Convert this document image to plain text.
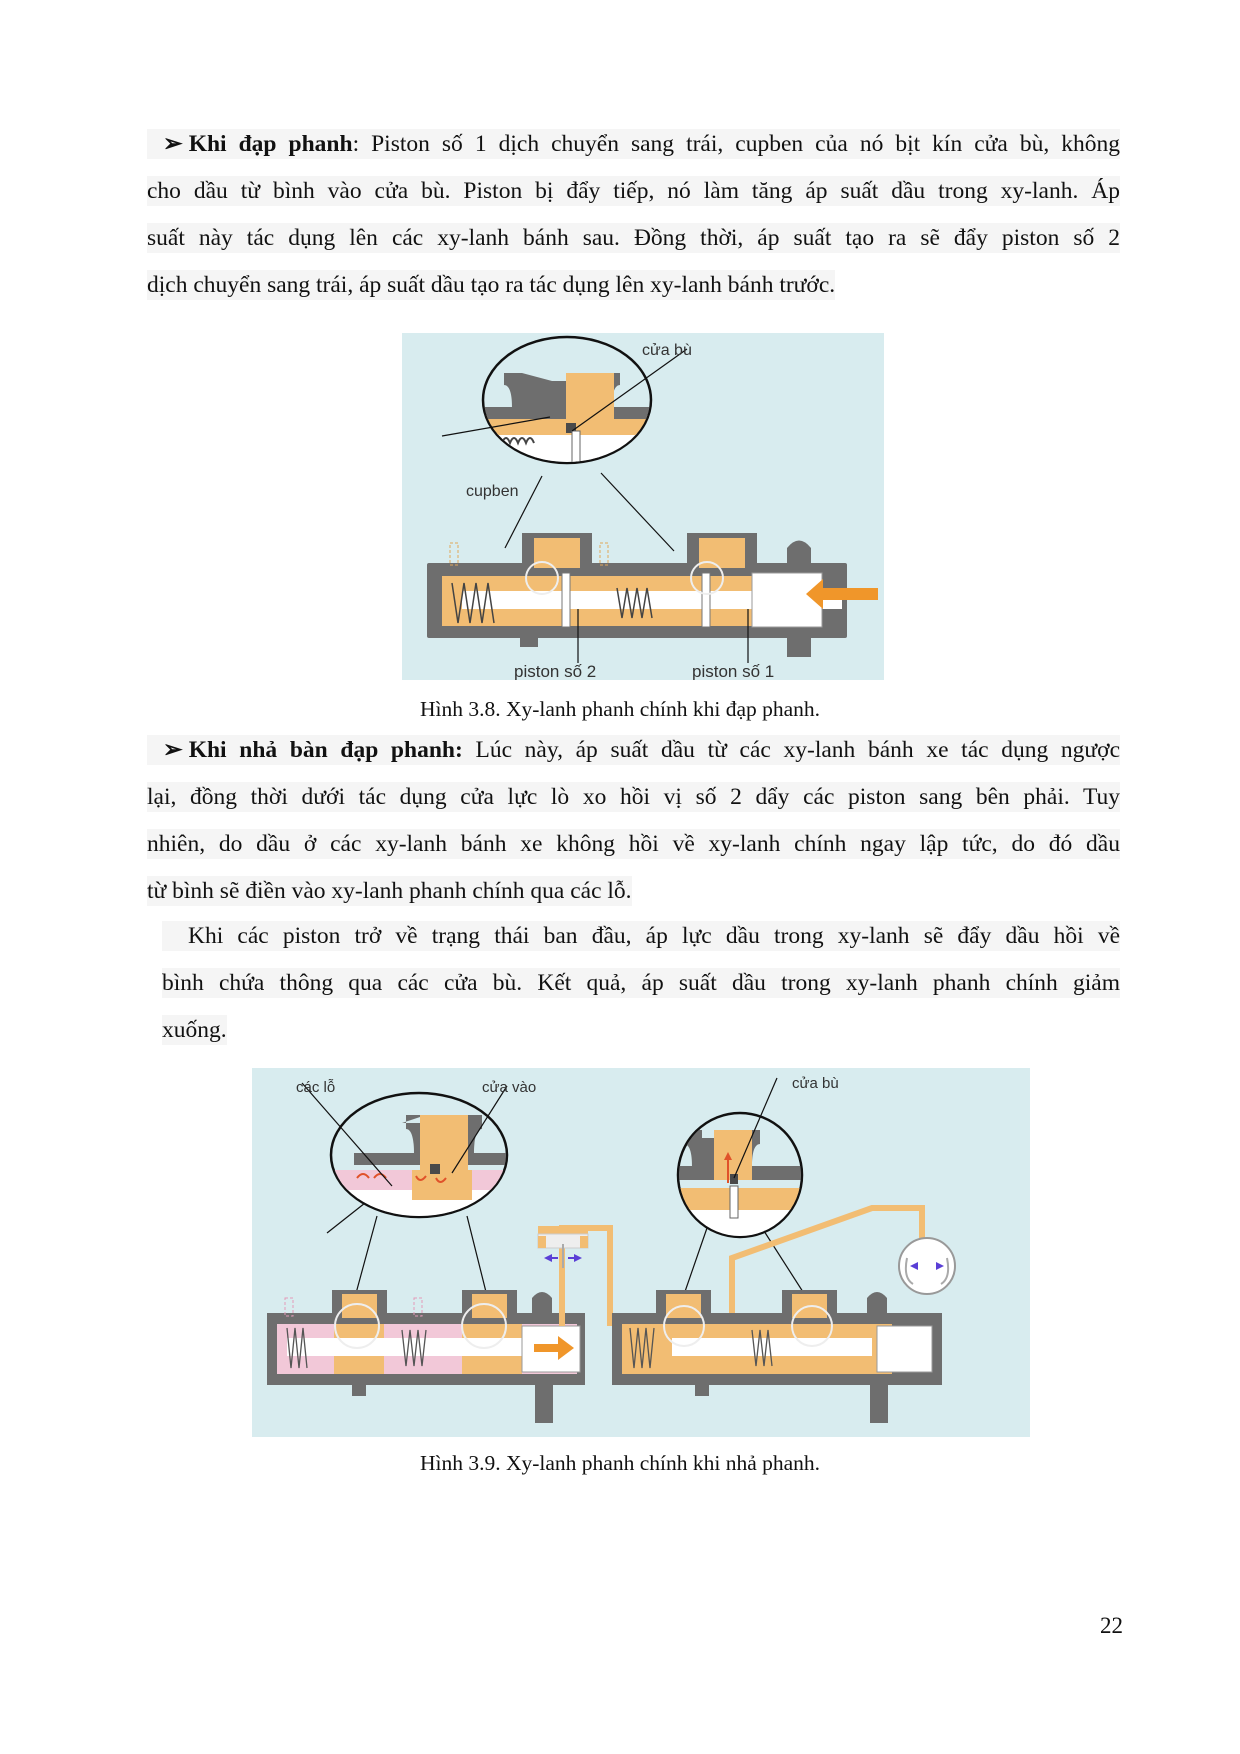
➢ Khi đạp phanh: Piston số 1 dịch chuyển sang trái, cupben của nó bịt kín cửa bù, không
cho dầu từ bình vào cửa bù. Piston bị đẩy tiếp, nó làm tăng áp suất dầu trong xy-lanh. Áp
suất này tác dụng lên các xy-lanh bánh sau. Đồng thời, áp suất tạo ra sẽ đẩy piston số 2
dịch chuyển sang trái, áp suất dầu tạo ra tác dụng lên xy-lanh bánh trước.
cửa bù
cupben
piston số 2	piston số 1
Hình 3.8. Xy-lanh phanh chính khi đạp phanh.
➢ Khi nhả bàn đạp phanh: Lúc này, áp suất dầu từ các xy-lanh bánh xe tác dụng ngược
lại, đồng thời dưới tác dụng cửa lực lò xo hồi vị số 2 dẩy các piston sang bên phải. Tuy
nhiên, do dầu ở các xy-lanh bánh xe không hồi về xy-lanh chính ngay lập tức, do đó dầu
từ bình sẽ điền vào xy-lanh phanh chính qua các lỗ.
Khi các piston trở về trạng thái ban đầu, áp lực dầu trong xy-lanh sẽ đẩy dầu hồi về
bình chứa thông qua các cửa bù. Kết quả, áp suất dầu trong xy-lanh phanh chính giảm
xuống.
các lỗ	cửa vào	cửa bù
Hình 3.9. Xy-lanh phanh chính khi nhả phanh.
22
